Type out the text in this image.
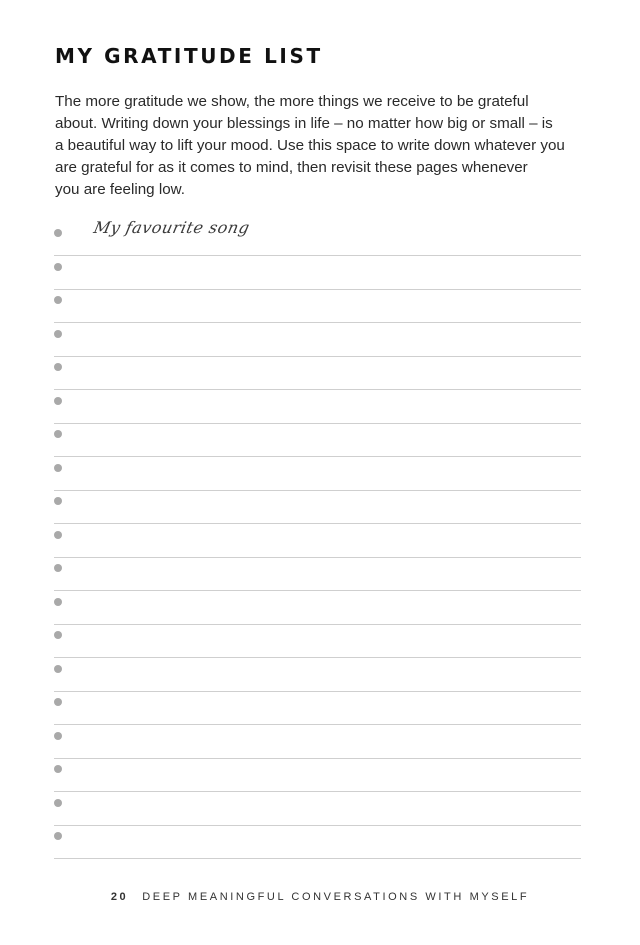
MY GRATITUDE LIST

The more gratitude we show, the more things we receive to be grateful
about. Writing down your blessings in life – no matter how big or small – is
a beautiful way to lift your mood. Use this space to write down whatever you
are grateful for as it comes to mind, then revisit these pages whenever
you are feeling low.

My favourite song
20 DEEP MEANINGFUL CONVERSATIONS WITH MYSELF
